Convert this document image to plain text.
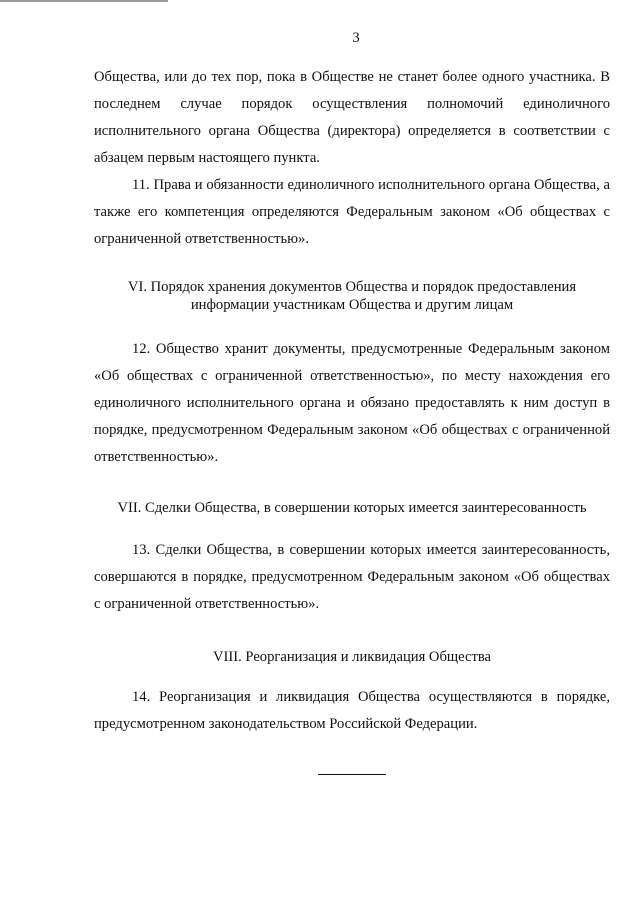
3

Общества, или до тех пор, пока в Обществе не станет более одного участника. В последнем случае порядок осуществления полномочий единоличного исполнительного органа Общества (директора) определяется в соответствии с абзацем первым настоящего пункта.

11. Права и обязанности единоличного исполнительного органа Общества, а также его компетенция определяются Федеральным законом «Об обществах с ограниченной ответственностью».

VI. Порядок хранения документов Общества и порядок предоставления информации участникам Общества и другим лицам

12. Общество хранит документы, предусмотренные Федеральным законом «Об обществах с ограниченной ответственностью», по месту нахождения его единоличного исполнительного органа и обязано предоставлять к ним доступ в порядке, предусмотренном Федеральным законом «Об обществах с ограниченной ответственностью».

VII. Сделки Общества, в совершении которых имеется заинтересованность

13. Сделки Общества, в совершении которых имеется заинтересованность, совершаются в порядке, предусмотренном Федеральным законом «Об обществах с ограниченной ответственностью».

VIII. Реорганизация и ликвидация Общества

14. Реорганизация и ликвидация Общества осуществляются в порядке, предусмотренном законодательством Российской Федерации.
